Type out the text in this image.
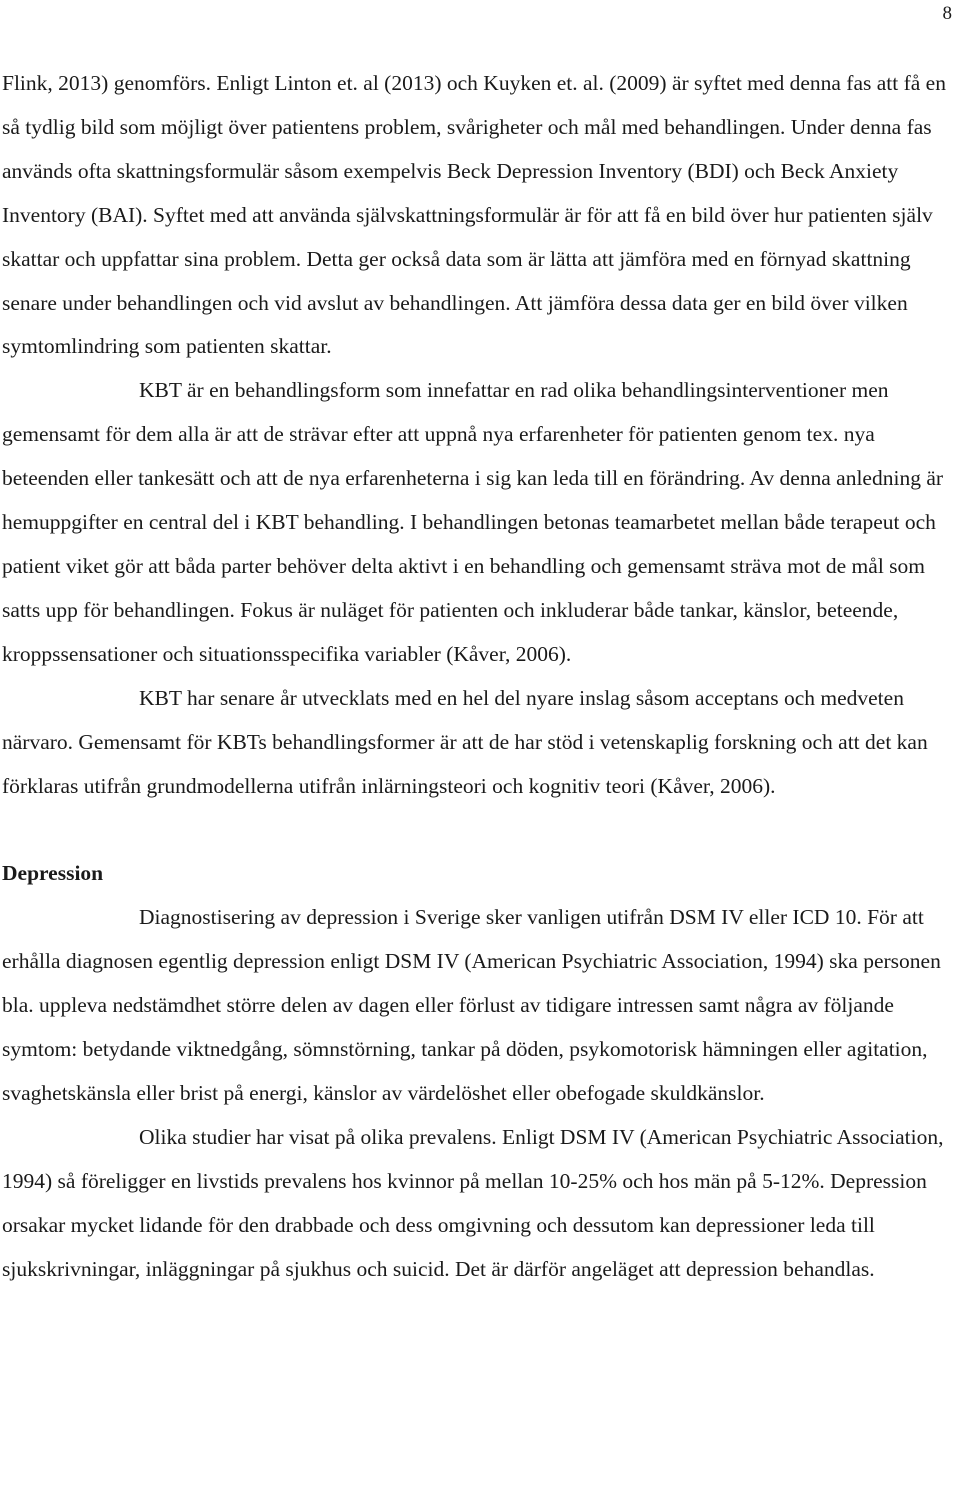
8

Flink, 2013) genomförs. Enligt Linton et. al (2013) och Kuyken et. al. (2009) är syftet med denna fas att få en så tydlig bild som möjligt över patientens problem, svårigheter och mål med behandlingen. Under denna fas används ofta skattningsformulär såsom exempelvis Beck Depression Inventory (BDI) och Beck Anxiety Inventory (BAI). Syftet med att använda självskattningsformulär är för att få en bild över hur patienten själv skattar och uppfattar sina problem. Detta ger också data som är lätta att jämföra med en förnyad skattning senare under behandlingen och vid avslut av behandlingen. Att jämföra dessa data ger en bild över vilken symtomlindring som patienten skattar.

KBT är en behandlingsform som innefattar en rad olika behandlingsinterventioner men gemensamt för dem alla är att de strävar efter att uppnå nya erfarenheter för patienten genom tex. nya beteenden eller tankesätt och att de nya erfarenheterna i sig kan leda till en förändring. Av denna anledning är hemuppgifter en central del i KBT behandling. I behandlingen betonas teamarbetet mellan både terapeut och patient viket gör att båda parter behöver delta aktivt i en behandling och gemensamt sträva mot de mål som satts upp för behandlingen. Fokus är nuläget för patienten och inkluderar både tankar, känslor, beteende, kroppssensationer och situationsspecifika variabler (Kåver, 2006).

KBT har senare år utvecklats med en hel del nyare inslag såsom acceptans och medveten närvaro. Gemensamt för KBTs behandlingsformer är att de har stöd i vetenskaplig forskning och att det kan förklaras utifrån grundmodellerna utifrån inlärningsteori och kognitiv teori (Kåver, 2006).

Depression

Diagnostisering av depression i Sverige sker vanligen utifrån DSM IV eller ICD 10. För att erhålla diagnosen egentlig depression enligt DSM IV (American Psychiatric Association, 1994) ska personen bla. uppleva nedstämdhet större delen av dagen eller förlust av tidigare intressen samt några av följande symtom: betydande viktnedgång, sömnstörning, tankar på döden, psykomotorisk hämningen eller agitation, svaghetskänsla eller brist på energi, känslor av värdelöshet eller obefogade skuldkänslor.

Olika studier har visat på olika prevalens. Enligt DSM IV (American Psychiatric Association, 1994) så föreligger en livstids prevalens hos kvinnor på mellan 10-25% och hos män på 5-12%. Depression orsakar mycket lidande för den drabbade och dess omgivning och dessutom kan depressioner leda till sjukskrivningar, inläggningar på sjukhus och suicid. Det är därför angeläget att depression behandlas.
